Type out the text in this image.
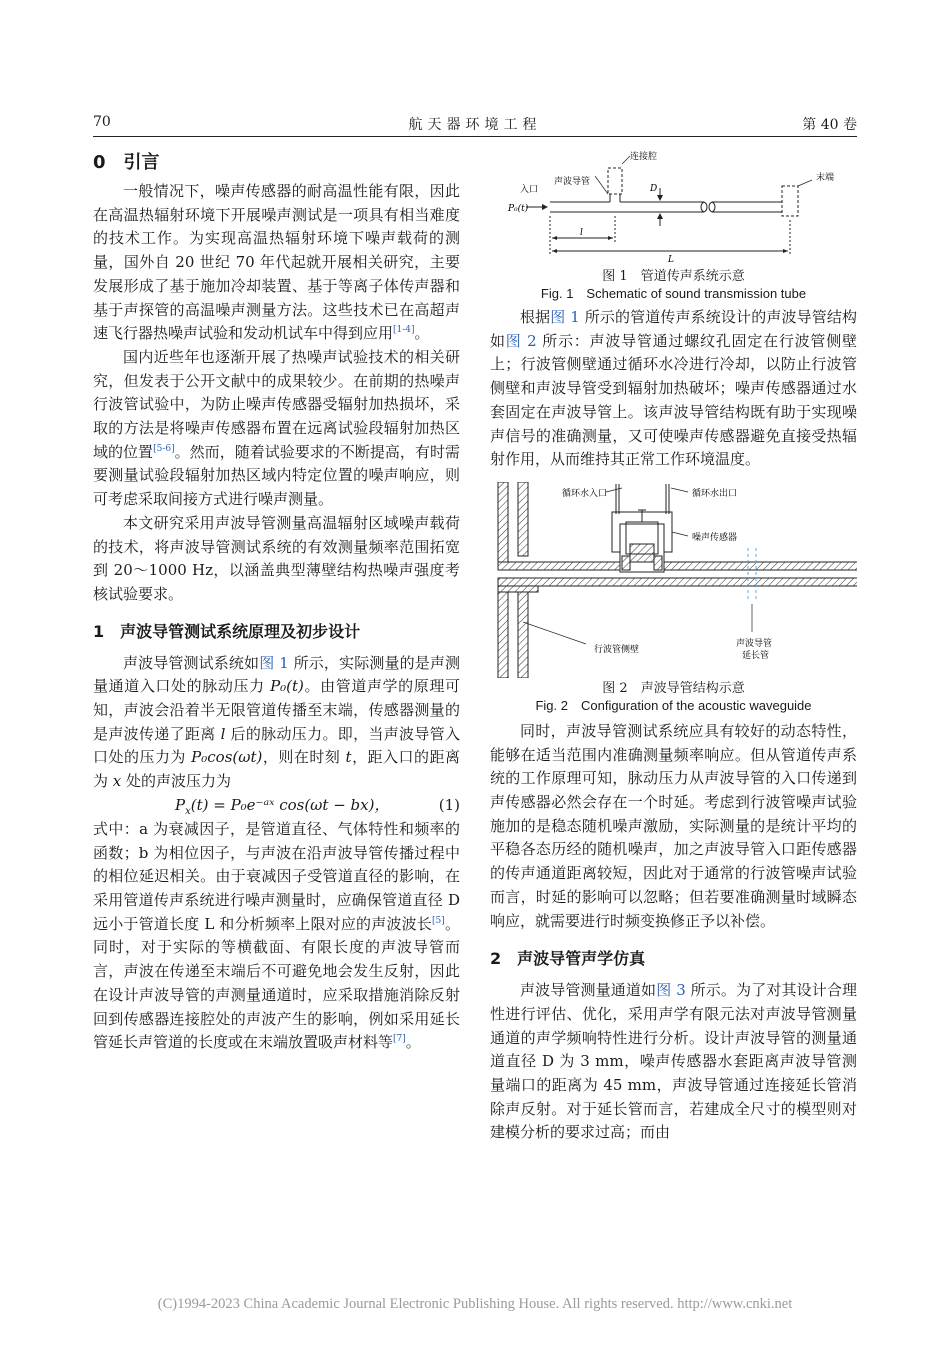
70	航天器环境工程	第 40 卷
0　引言

一般情况下，噪声传感器的耐高温性能有限，因此在高温热辐射环境下开展噪声测试是一项具有相当难度的技术工作。为实现高温热辐射环境下噪声载荷的测量，国外自 20 世纪 70 年代起就开展相关研究，主要发展形成了基于施加冷却装置、基于等离子体传声器和基于声探管的高温噪声测量方法。这些技术已在高超声速飞行器热噪声试验和发动机试车中得到应用[1-4]。

国内近些年也逐渐开展了热噪声试验技术的相关研究，但发表于公开文献中的成果较少。在前期的热噪声行波管试验中，为防止噪声传感器受辐射加热损坏，采取的方法是将噪声传感器布置在远离试验段辐射加热区域的位置[5-6]。然而，随着试验要求的不断提高，有时需要测量试验段辐射加热区域内特定位置的噪声响应，则可考虑采取间接方式进行噪声测量。

本文研究采用声波导管测量高温辐射区域噪声载荷的技术，将声波导管测试系统的有效测量频率范围拓宽到 20～1000 Hz，以涵盖典型薄壁结构热噪声强度考核试验要求。

1　声波导管测试系统原理及初步设计

声波导管测试系统如图 1 所示，实际测量的是声测量通道入口处的脉动压力 P₀(t)。由管道声学的原理可知，声波会沿着半无限管道传播至末端，传感器测量的是声波传递了距离 l 后的脉动压力。即，当声波导管入口处的压力为 P₀cos(ωt)，则在时刻 t，距入口的距离为 x 处的声波压力为

$P_x(t)$ = P₀e⁻ᵃˣ cos(ωt − bx)，	(1)

式中：a 为衰减因子，是管道直径、气体特性和频率的函数；b 为相位因子，与声波在沿声波导管传播过程中的相位延迟相关。由于衰减因子受管道直径的影响，在采用管道传声系统进行噪声测量时，应确保管道直径 D 远小于管道长度 L 和分析频率上限对应的声波波长[5]。同时，对于实际的等横截面、有限长度的声波导管而言，声波在传递至末端后不可避免地会发生反射，因此在设计声波导管的声测量通道时，应采取措施消除反射回到传感器连接腔处的声波产生的影响，例如采用延长管延长声管道的长度或在末端放置吸声材料等[7]。

连接腔
声波导管
入口
P₀(t)
D
末端
l
L
图 1　管道传声系统示意
Fig. 1　Schematic of sound transmission tube

根据图 1 所示的管道传声系统设计的声波导管结构如图 2 所示：声波导管通过螺纹孔固定在行波管侧壁上；行波管侧壁通过循环水冷进行冷却，以防止行波管侧壁和声波导管受到辐射加热破坏；噪声传感器通过水套固定在声波导管上。该声波导管结构既有助于实现噪声信号的准确测量，又可使噪声传感器避免直接受热辐射作用，从而维持其正常工作环境温度。

循环水入口	循环水出口
噪声传感器
行波管侧壁
声波导管
延长管
图 2　声波导管结构示意
Fig. 2　Configuration of the acoustic waveguide

同时，声波导管测试系统应具有较好的动态特性，能够在适当范围内准确测量频率响应。但从管道传声系统的工作原理可知，脉动压力从声波导管的入口传递到声传感器必然会存在一个时延。考虑到行波管噪声试验施加的是稳态随机噪声激励，实际测量的是统计平均的平稳各态历经的随机噪声，加之声波导管入口距传感器的传声通道距离较短，因此对于通常的行波管噪声试验而言，时延的影响可以忽略；但若要准确测量时域瞬态响应，就需要进行时频变换修正予以补偿。

2　声波导管声学仿真

声波导管测量通道如图 3 所示。为了对其设计合理性进行评估、优化，采用声学有限元法对声波导管测量通道的声学频响特性进行分析。设计声波导管的测量通道直径 D 为 3 mm，噪声传感器水套距离声波导管测量端口的距离为 45 mm，声波导管通过连接延长管消除声反射。对于延长管而言，若建成全尺寸的模型则对建模分析的要求过高；而由

(C)1994-2023 China Academic Journal Electronic Publishing House. All rights reserved. http://www.cnki.net
